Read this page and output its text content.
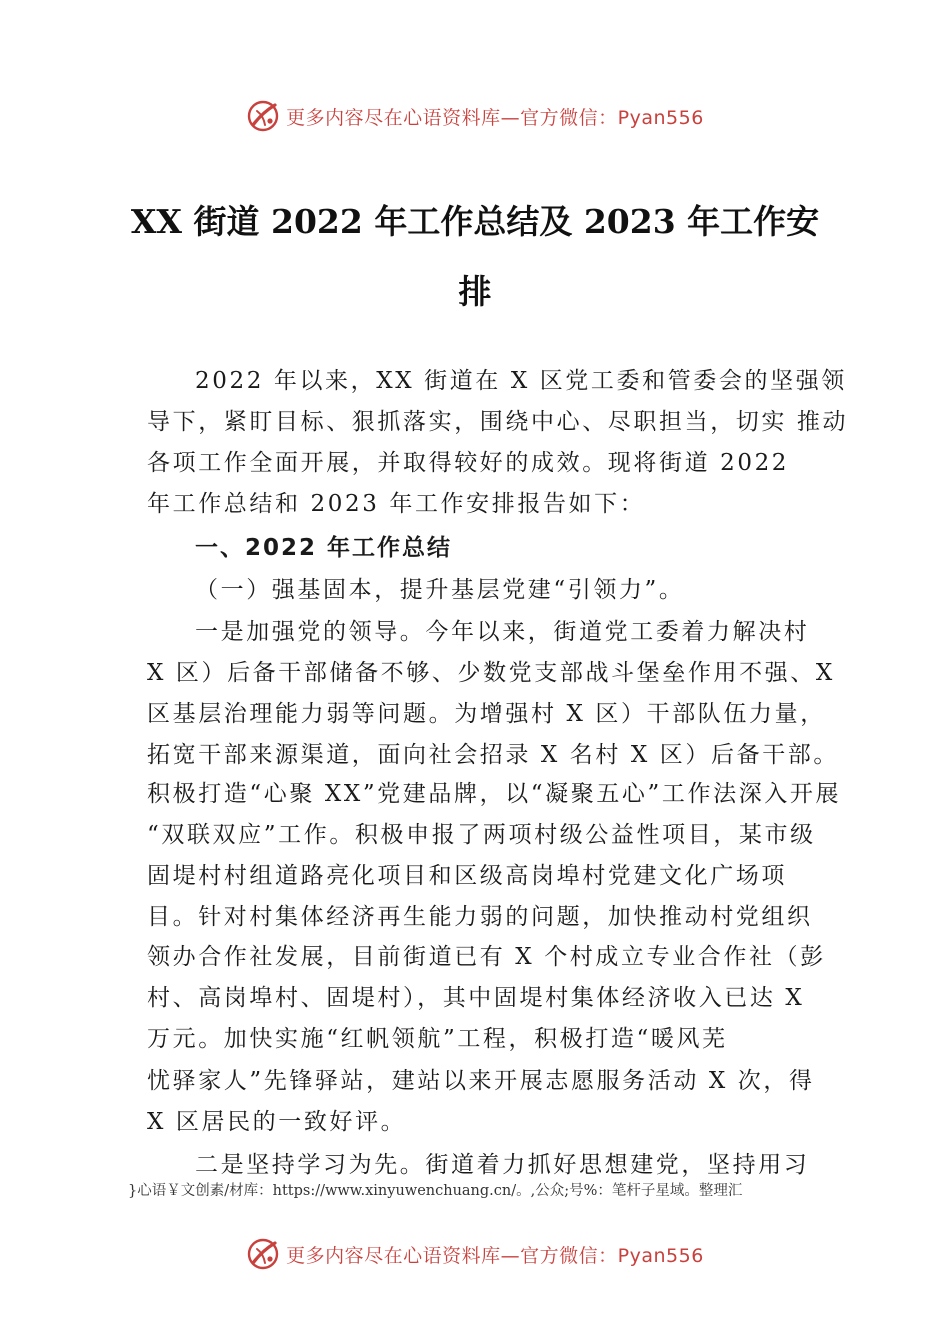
更多内容尽在心语资料库—官方微信：Pyan556
XX 街道 2022 年工作总结及 2023 年工作安
排
2022 年以来，XX 街道在 X 区党工委和管委会的坚强领
导下，紧盯目标、狠抓落实，围绕中心、尽职担当，切实 推动
各项工作全面开展，并取得较好的成效。现将街道 2022
年工作总结和 2023 年工作安排报告如下：
一、2022 年工作总结
（一）强基固本，提升基层党建“引领力”。
一是加强党的领导。今年以来，街道党工委着力解决村
X 区）后备干部储备不够、少数党支部战斗堡垒作用不强、X
区基层治理能力弱等问题。为增强村 X 区）干部队伍力量，
拓宽干部来源渠道，面向社会招录 X 名村 X 区）后备干部。
积极打造“心聚 XX”党建品牌，以“凝聚五心”工作法深入开展
“双联双应”工作。积极申报了两项村级公益性项目，某市级
固堤村村组道路亮化项目和区级高岗埠村党建文化广场项
目。针对村集体经济再生能力弱的问题，加快推动村党组织
领办合作社发展，目前街道已有 X 个村成立专业合作社（彭
村、高岗埠村、固堤村），其中固堤村集体经济收入已达 X
万元。加快实施“红帆领航”工程，积极打造“暖风芜
忧驿家人”先锋驿站，建站以来开展志愿服务活动 X 次，得
X 区居民的一致好评。
二是坚持学习为先。街道着力抓好思想建党，坚持用习
}心语￥文创素/材库：https://www.xinyuwenchuang.cn/。,公众;号%：笔杆子星域。整理汇
更多内容尽在心语资料库—官方微信：Pyan556
